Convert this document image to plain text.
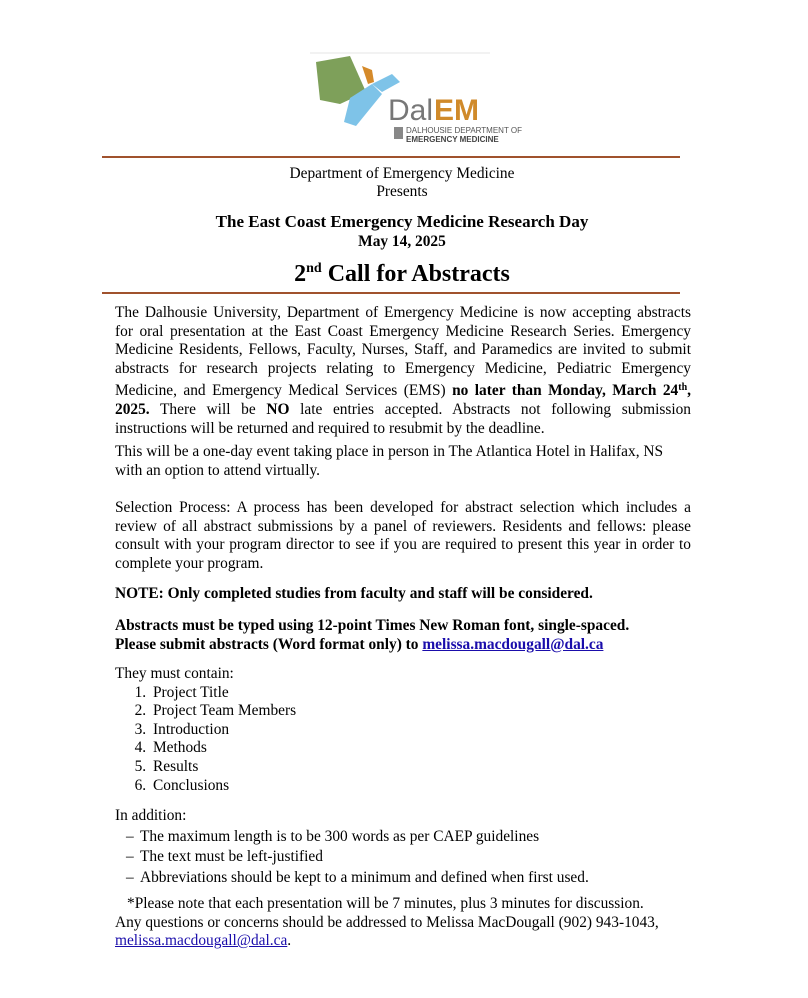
Dal EM
DALHOUSIE DEPARTMENT OF
EMERGENCY MEDICINE
Department of Emergency Medicine
Presents
The East Coast Emergency Medicine Research Day
May 14, 2025
2nd Call for Abstracts

The Dalhousie University, Department of Emergency Medicine is now accepting abstracts for oral presentation at the East Coast Emergency Medicine Research Series. Emergency Medicine Residents, Fellows, Faculty, Nurses, Staff, and Paramedics are invited to submit abstracts for research projects relating to Emergency Medicine, Pediatric Emergency Medicine, and Emergency Medical Services (EMS) no later than Monday, March 24th, 2025. There will be NO late entries accepted. Abstracts not following submission instructions will be returned and required to resubmit by the deadline.

This will be a one-day event taking place in person in The Atlantica Hotel in Halifax, NS with an option to attend virtually.

Selection Process: A process has been developed for abstract selection which includes a review of all abstract submissions by a panel of reviewers. Residents and fellows: please consult with your program director to see if you are required to present this year in order to complete your program.

NOTE: Only completed studies from faculty and staff will be considered.

Abstracts must be typed using 12-point Times New Roman font, single-spaced.
Please submit abstracts (Word format only) to melissa.macdougall@dal.ca

They must contain:

1. Project Title
2. Project Team Members
3. Introduction
4. Methods
5. Results
6. Conclusions

In addition:

– The maximum length is to be 300 words as per CAEP guidelines
– The text must be left-justified
– Abbreviations should be kept to a minimum and defined when first used.

*Please note that each presentation will be 7 minutes, plus 3 minutes for discussion.

Any questions or concerns should be addressed to Melissa MacDougall (902) 943-1043,

melissa.macdougall@dal.ca.
